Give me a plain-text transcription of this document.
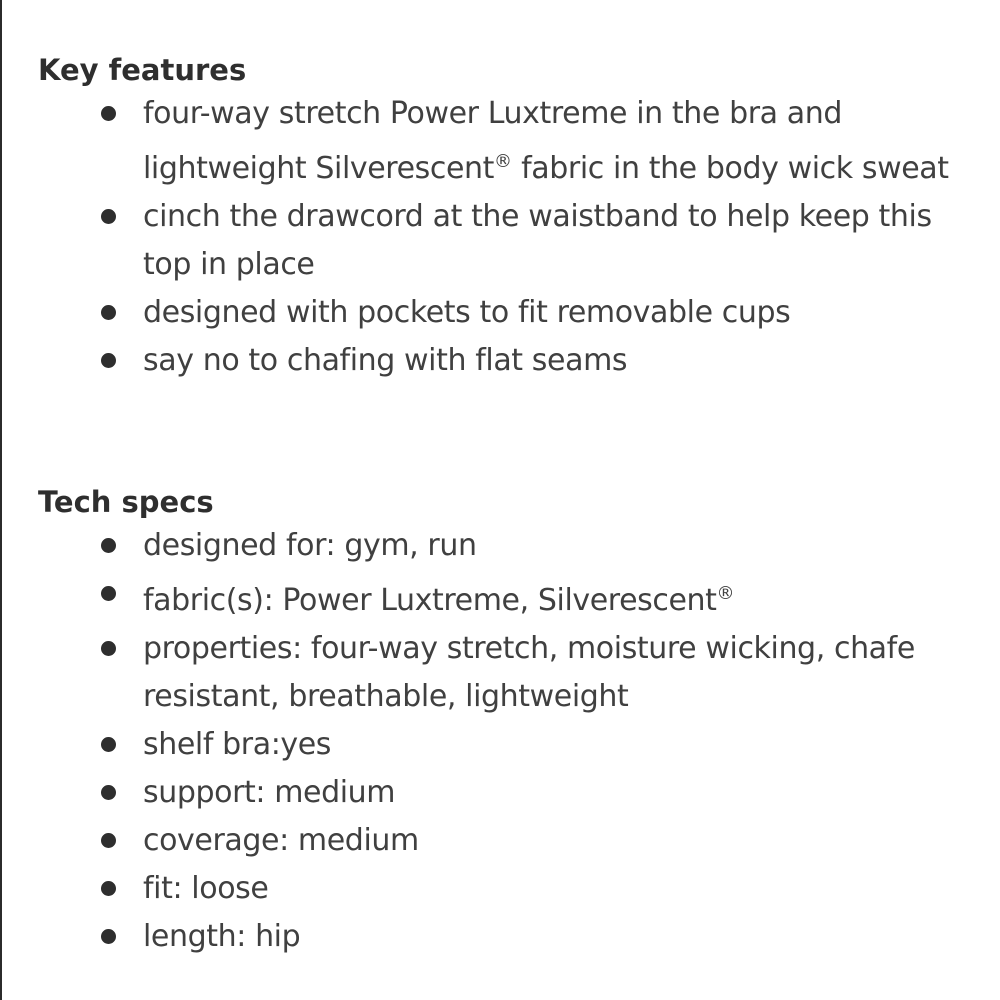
Key features
four-way stretch Power Luxtreme in the bra and lightweight Silverescent® fabric in the body wick sweat
cinch the drawcord at the waistband to help keep this top in place
designed with pockets to fit removable cups
say no to chafing with flat seams
Tech specs
designed for: gym, run
fabric(s): Power Luxtreme, Silverescent®
properties: four-way stretch, moisture wicking, chafe resistant, breathable, lightweight
shelf bra:yes
support: medium
coverage: medium
fit: loose
length: hip
